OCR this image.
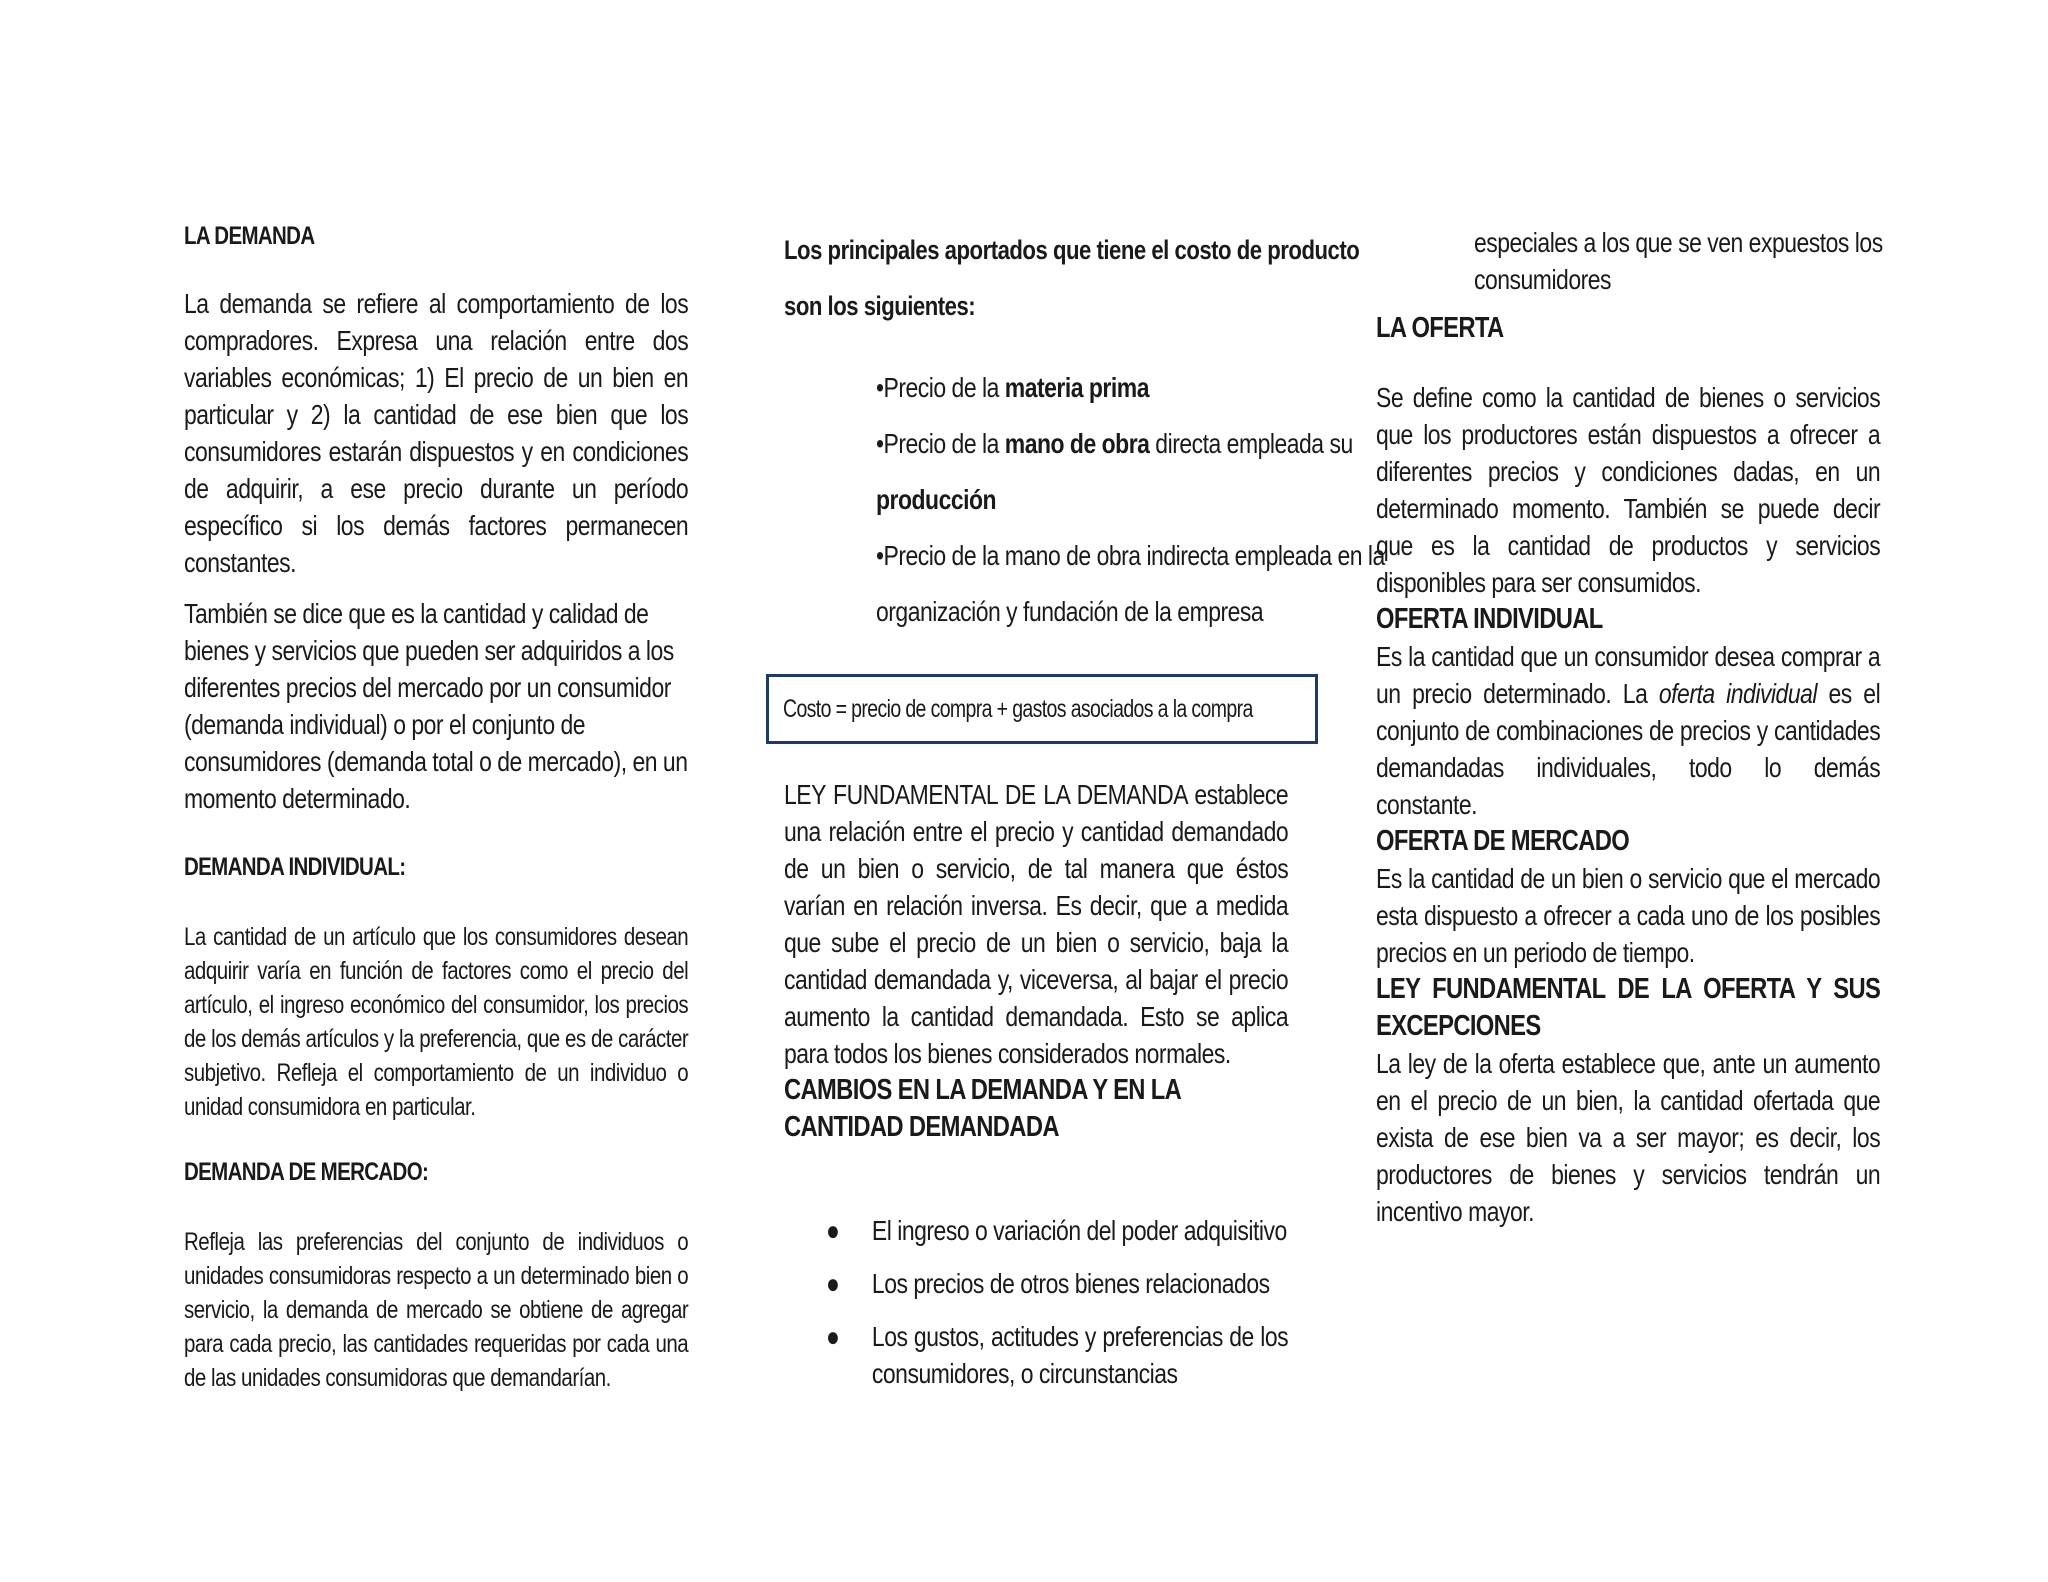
LA DEMANDA

La demanda se refiere al comportamiento de los compradores. Expresa una relación entre dos variables económicas; 1) El precio de un bien en particular y 2) la cantidad de ese bien que los consumidores estarán dispuestos y en condiciones de adquirir, a ese precio durante un período específico si los demás factores permanecen constantes.

También se dice que es la cantidad y calidad de bienes y servicios que pueden ser adquiridos a los diferentes precios del mercado por un consumidor (demanda individual) o por el conjunto de consumidores (demanda total o de mercado), en un momento determinado.

DEMANDA INDIVIDUAL:

La cantidad de un artículo que los consumidores desean adquirir varía en función de factores como el precio del artículo, el ingreso económico del consumidor, los precios de los demás artículos y la preferencia, que es de carácter subjetivo. Refleja el comportamiento de un individuo o unidad consumidora en particular.

DEMANDA DE MERCADO:

Refleja las preferencias del conjunto de individuos o unidades consumidoras respecto a un determinado bien o servicio, la demanda de mercado se obtiene de agregar para cada precio, las cantidades requeridas por cada una de las unidades consumidoras que demandarían.

Los principales aportados que tiene el costo de producto

son los siguientes:

•Precio de la materia prima

•Precio de la mano de obra directa empleada su

producción

•Precio de la mano de obra indirecta empleada en la

organización y fundación de la empresa

Costo = precio de compra + gastos asociados a la compra

LEY FUNDAMENTAL DE LA DEMANDA establece una relación entre el precio y cantidad demandado de un bien o servicio, de tal manera que éstos varían en relación inversa. Es decir, que a medida que sube el precio de un bien o servicio, baja la cantidad demandada y, viceversa, al bajar el precio aumento la cantidad demandada. Esto se aplica para todos los bienes considerados normales.

CAMBIOS EN LA DEMANDA Y EN LA CANTIDAD DEMANDADA
● El ingreso o variación del poder adquisitivo
● Los precios de otros bienes relacionados
● Los gustos, actitudes y preferencias de los consumidores, o circunstancias

especiales a los que se ven expuestos los consumidores

LA OFERTA

Se define como la cantidad de bienes o servicios que los productores están dispuestos a ofrecer a diferentes precios y condiciones dadas, en un determinado momento. También se puede decir que es la cantidad de productos y servicios disponibles para ser consumidos.

OFERTA INDIVIDUAL

Es la cantidad que un consumidor desea comprar a un precio determinado. La oferta individual es el conjunto de combinaciones de precios y cantidades demandadas individuales, todo lo demás constante.

OFERTA DE MERCADO

Es la cantidad de un bien o servicio que el mercado esta dispuesto a ofrecer a cada uno de los posibles precios en un periodo de tiempo.

LEY FUNDAMENTAL DE LA OFERTA Y SUS EXCEPCIONES

La ley de la oferta establece que, ante un aumento en el precio de un bien, la cantidad ofertada que exista de ese bien va a ser mayor; es decir, los productores de bienes y servicios tendrán un incentivo mayor.
